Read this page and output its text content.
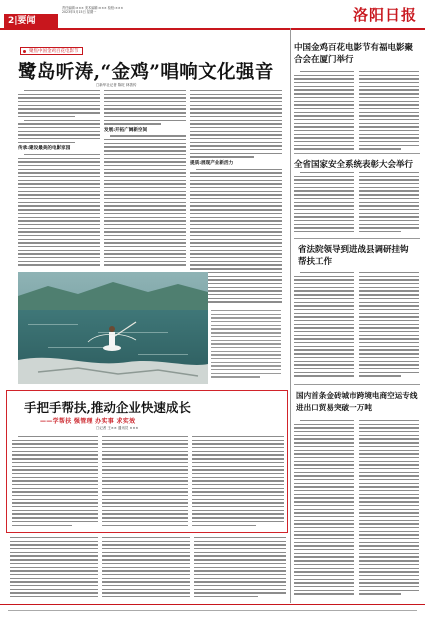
2|要闻
责任编辑:××× 美术编辑:××× 检校:×××
2023年5月15日 星期一	洛阳日报
聚焦中国金鸡百花电影节
鹭岛听涛,“金鸡”唱响文化强音
□新华社记者 陈旺 林善传
传承:建设最美的电影家园
发展:开拓广阔新空间
提质:展现产业新活力
中国金鸡百花电影节有福电影聚合会在厦门举行
全省国家安全系统表彰大会举行
省法院领导到进战县调研挂钩帮扶工作
国内首条金砖城市跨境电商空运专线进出口贸易突破一万吨
手把手帮扶,推动企业快速成长
——学帮扶 强管理 办实事 求实效
□记者 王×× 通讯员 ×××
